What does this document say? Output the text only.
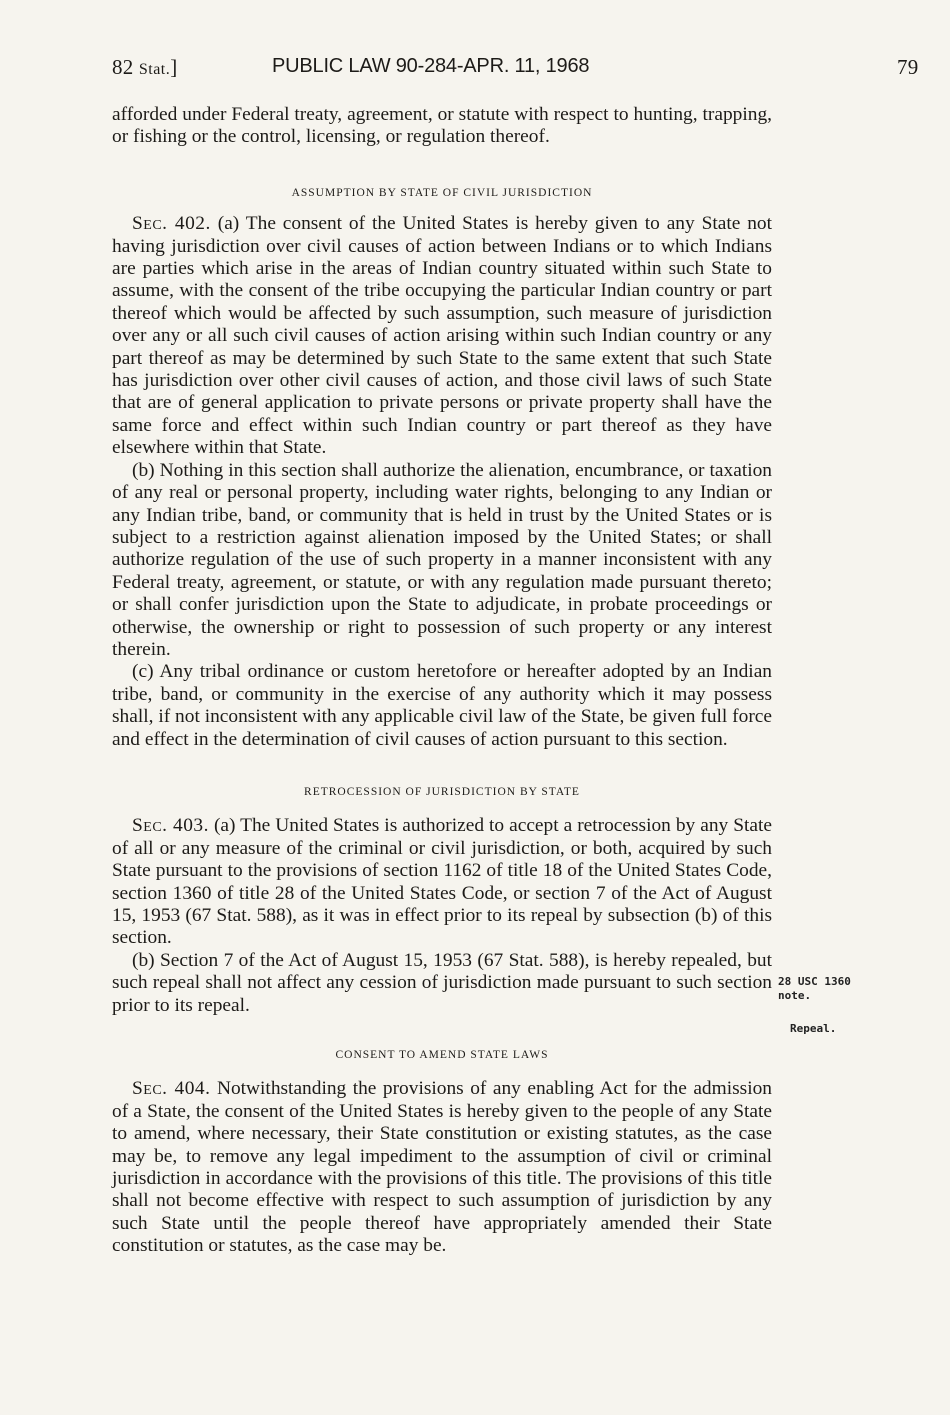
82 Stat.]	PUBLIC LAW 90-284-APR. 11, 1968	79

afforded under Federal treaty, agreement, or statute with respect to hunting, trapping, or fishing or the control, licensing, or regulation thereof.

ASSUMPTION BY STATE OF CIVIL JURISDICTION

Sec. 402. (a) The consent of the United States is hereby given to any State not having jurisdiction over civil causes of action between Indians or to which Indians are parties which arise in the areas of Indian country situated within such State to assume, with the consent of the tribe occupying the particular Indian country or part thereof which would be affected by such assumption, such measure of jurisdiction over any or all such civil causes of action arising within such Indian country or any part thereof as may be determined by such State to the same extent that such State has jurisdiction over other civil causes of action, and those civil laws of such State that are of general application to private persons or private property shall have the same force and effect within such Indian country or part thereof as they have elsewhere within that State.

(b) Nothing in this section shall authorize the alienation, encumbrance, or taxation of any real or personal property, including water rights, belonging to any Indian or any Indian tribe, band, or community that is held in trust by the United States or is subject to a restriction against alienation imposed by the United States; or shall authorize regulation of the use of such property in a manner inconsistent with any Federal treaty, agreement, or statute, or with any regulation made pursuant thereto; or shall confer jurisdiction upon the State to adjudicate, in probate proceedings or otherwise, the ownership or right to possession of such property or any interest therein.

(c) Any tribal ordinance or custom heretofore or hereafter adopted by an Indian tribe, band, or community in the exercise of any authority which it may possess shall, if not inconsistent with any applicable civil law of the State, be given full force and effect in the determination of civil causes of action pursuant to this section.

RETROCESSION OF JURISDICTION BY STATE

Sec. 403. (a) The United States is authorized to accept a retrocession by any State of all or any measure of the criminal or civil jurisdiction, or both, acquired by such State pursuant to the provisions of section 1162 of title 18 of the United States Code, section 1360 of title 28 of the United States Code, or section 7 of the Act of August 15, 1953 (67 Stat. 588), as it was in effect prior to its repeal by subsection (b) of this section.

(b) Section 7 of the Act of August 15, 1953 (67 Stat. 588), is hereby repealed, but such repeal shall not affect any cession of jurisdiction made pursuant to such section prior to its repeal.

CONSENT TO AMEND STATE LAWS

Sec. 404. Notwithstanding the provisions of any enabling Act for the admission of a State, the consent of the United States is hereby given to the people of any State to amend, where necessary, their State constitution or existing statutes, as the case may be, to remove any legal impediment to the assumption of civil or criminal jurisdiction in accordance with the provisions of this title. The provisions of this title shall not become effective with respect to such assumption of jurisdiction by any such State until the people thereof have appropriately amended their State constitution or statutes, as the case may be.

28 USC 1360
note.
Repeal.
